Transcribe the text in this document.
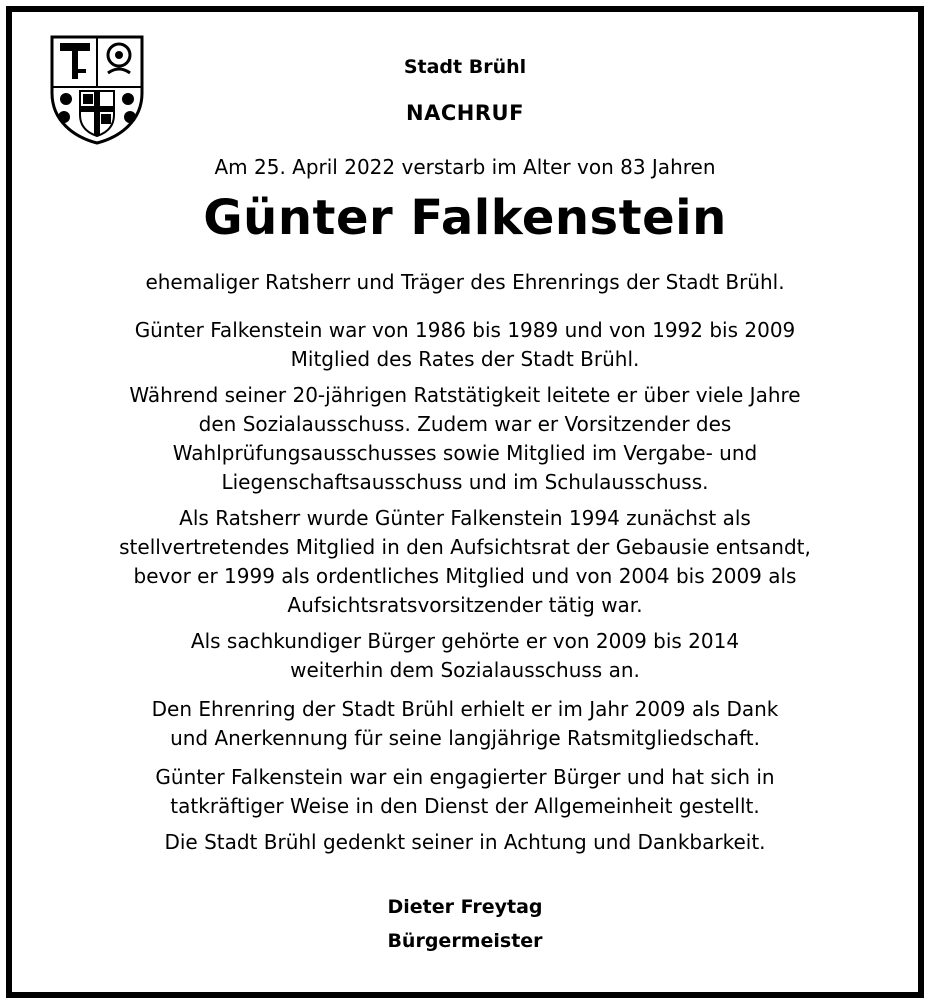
Stadt Brühl
NACHRUF
Am 25. April 2022 verstarb im Alter von 83 Jahren
Günter Falkenstein
ehemaliger Ratsherr und Träger des Ehrenrings der Stadt Brühl.
Günter Falkenstein war von 1986 bis 1989 und von 1992 bis 2009
Mitglied des Rates der Stadt Brühl.
Während seiner 20-jährigen Ratstätigkeit leitete er über viele Jahre
den Sozialausschuss. Zudem war er Vorsitzender des
Wahlprüfungsausschusses sowie Mitglied im Vergabe- und
Liegenschaftsausschuss und im Schulausschuss.
Als Ratsherr wurde Günter Falkenstein 1994 zunächst als
stellvertretendes Mitglied in den Aufsichtsrat der Gebausie entsandt,
bevor er 1999 als ordentliches Mitglied und von 2004 bis 2009 als
Aufsichtsratsvorsitzender tätig war.
Als sachkundiger Bürger gehörte er von 2009 bis 2014
weiterhin dem Sozialausschuss an.
Den Ehrenring der Stadt Brühl erhielt er im Jahr 2009 als Dank
und Anerkennung für seine langjährige Ratsmitgliedschaft.
Günter Falkenstein war ein engagierter Bürger und hat sich in
tatkräftiger Weise in den Dienst der Allgemeinheit gestellt.
Die Stadt Brühl gedenkt seiner in Achtung und Dankbarkeit.
Dieter Freytag
Bürgermeister
